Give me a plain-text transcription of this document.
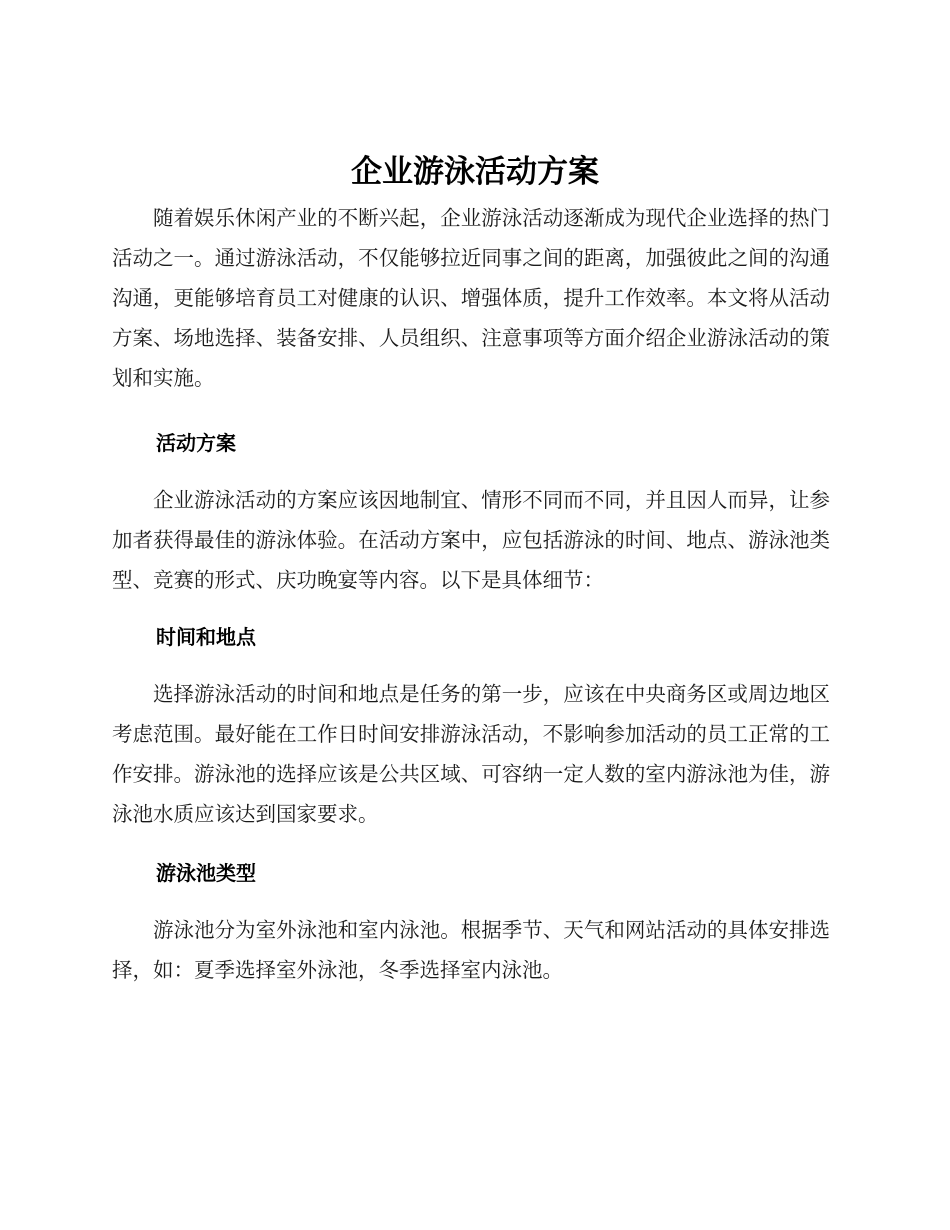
企业游泳活动方案

随着娱乐休闲产业的不断兴起，企业游泳活动逐渐成为现代企业选择的热门活动之一。通过游泳活动，不仅能够拉近同事之间的距离，加强彼此之间的沟通沟通，更能够培育员工对健康的认识、增强体质，提升工作效率。本文将从活动方案、场地选择、装备安排、人员组织、注意事项等方面介绍企业游泳活动的策划和实施。

活动方案

企业游泳活动的方案应该因地制宜、情形不同而不同，并且因人而异，让参加者获得最佳的游泳体验。在活动方案中，应包括游泳的时间、地点、游泳池类型、竞赛的形式、庆功晚宴等内容。以下是具体细节：

时间和地点

选择游泳活动的时间和地点是任务的第一步，应该在中央商务区或周边地区考虑范围。最好能在工作日时间安排游泳活动，不影响参加活动的员工正常的工作安排。游泳池的选择应该是公共区域、可容纳一定人数的室内游泳池为佳，游泳池水质应该达到国家要求。

游泳池类型

游泳池分为室外泳池和室内泳池。根据季节、天气和网站活动的具体安排选择，如：夏季选择室外泳池，冬季选择室内泳池。
